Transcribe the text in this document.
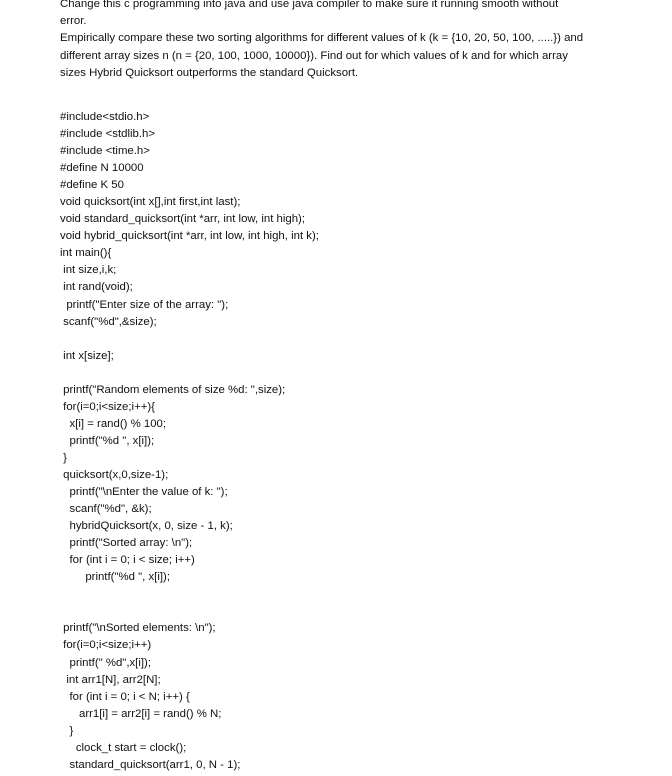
Change this c programming into java and use java compiler to make sure it running smooth without

error.

Empirically compare these two sorting algorithms for different values of k (k = {10, 20, 50, 100, .....}) and

different array sizes n (n = {20, 100, 1000, 10000}). Find out for which values of k and for which array

sizes Hybrid Quicksort outperforms the standard Quicksort.

#include<stdio.h>
#include <stdlib.h>
#include <time.h>
#define N 10000
#define K 50
void quicksort(int x[],int first,int last);
void standard_quicksort(int *arr, int low, int high);
void hybrid_quicksort(int *arr, int low, int high, int k);
int main(){
int size,i,k;
int rand(void);
printf("Enter size of the array: ");
scanf("%d",&size);
int x[size];
printf("Random elements of size %d: ",size);
for(i=0;i<size;i++){
x[i] = rand() % 100;
printf("%d ", x[i]);
}
quicksort(x,0,size-1);
printf("\nEnter the value of k: ");
scanf("%d", &k);
hybridQuicksort(x, 0, size - 1, k);
printf("Sorted array: \n");
for (int i = 0; i < size; i++)
printf("%d ", x[i]);
printf("\nSorted elements: \n");
for(i=0;i<size;i++)
printf(" %d",x[i]);
int arr1[N], arr2[N];
for (int i = 0; i < N; i++) {
arr1[i] = arr2[i] = rand() % N;
}
clock_t start = clock();
standard_quicksort(arr1, 0, N - 1);
